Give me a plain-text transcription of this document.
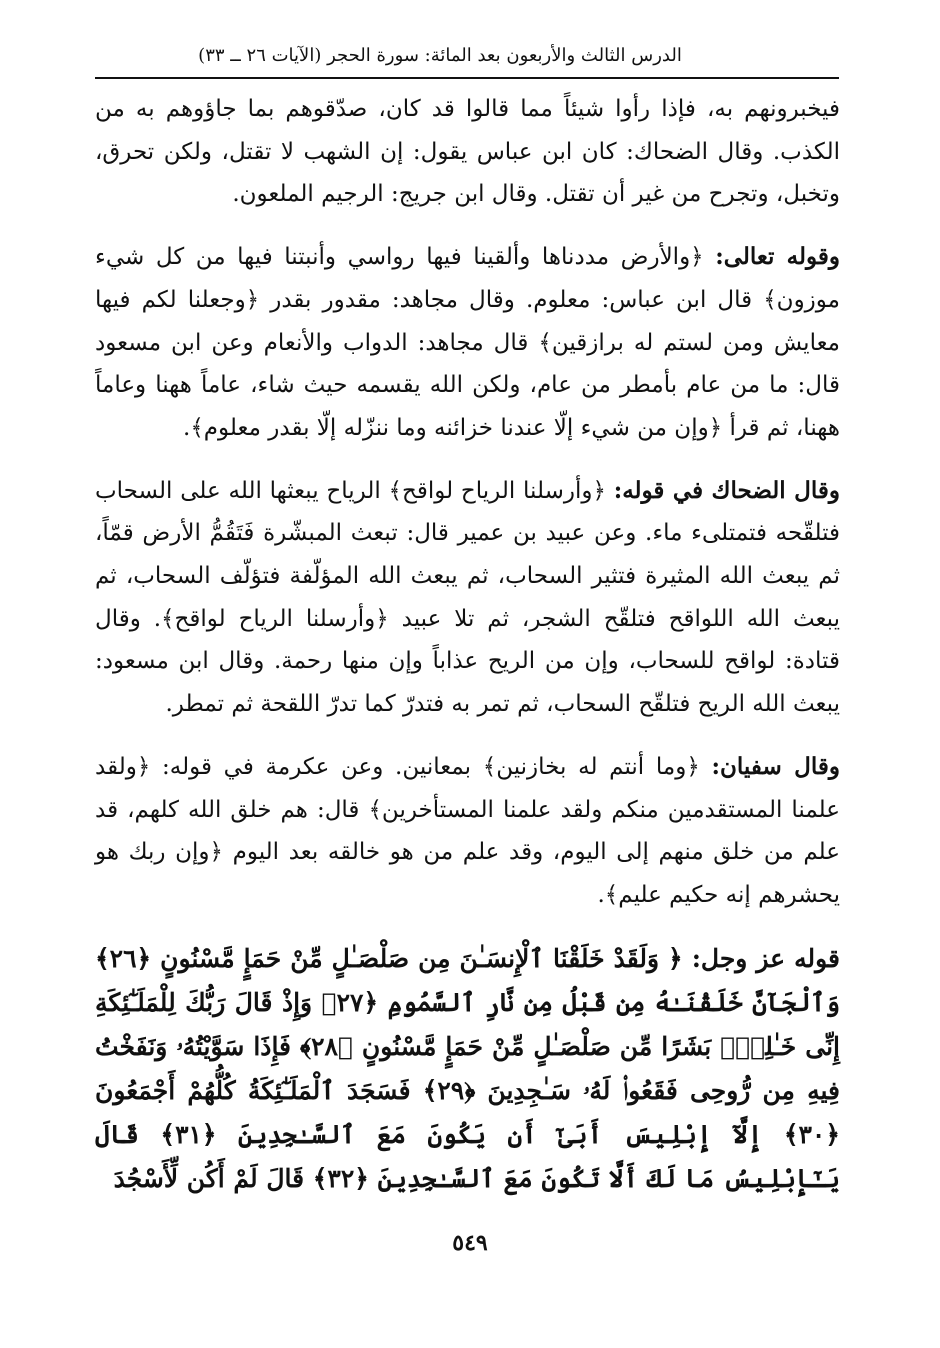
الدرس الثالث والأربعون بعد المائة: سورة الحجر (الآيات ٢٦ ــ ٣٣)

فيخبرونهم به، فإذا رأوا شيئاً مما قالوا قد كان، صدّقوهم بما جاؤوهم به من الكذب. وقال الضحاك: كان ابن عباس يقول: إن الشهب لا تقتل، ولكن تحرق، وتخبل، وتجرح من غير أن تقتل. وقال ابن جريج: الرجيم الملعون.

وقوله تعالى: ﴿والأرض مددناها وألقينا فيها رواسي وأنبتنا فيها من كل شيء موزون﴾ قال ابن عباس: معلوم. وقال مجاهد: مقدور بقدر ﴿وجعلنا لكم فيها معايش ومن لستم له برازقين﴾ قال مجاهد: الدواب والأنعام وعن ابن مسعود قال: ما من عام بأمطر من عام، ولكن الله يقسمه حيث شاء، عاماً ههنا وعاماً ههنا، ثم قرأ ﴿وإن من شيء إلّا عندنا خزائنه وما ننزّله إلّا بقدر معلوم﴾.

وقال الضحاك في قوله: ﴿وأرسلنا الرياح لواقح﴾ الرياح يبعثها الله على السحاب فتلقّحه فتمتلىء ماء. وعن عبيد بن عمير قال: تبعث المبشّرة فَتَقُمُّ الأرض قمّاً، ثم يبعث الله المثيرة فتثير السحاب، ثم يبعث الله المؤلّفة فتؤلّف السحاب، ثم يبعث الله اللواقح فتلقّح الشجر، ثم تلا عبيد ﴿وأرسلنا الرياح لواقح﴾. وقال قتادة: لواقح للسحاب، وإن من الريح عذاباً وإن منها رحمة. وقال ابن مسعود: يبعث الله الريح فتلقّح السحاب، ثم تمر به فتدرّ كما تدرّ اللقحة ثم تمطر.

وقال سفيان: ﴿وما أنتم له بخازنين﴾ بمعانين. وعن عكرمة في قوله: ﴿ولقد علمنا المستقدمين منكم ولقد علمنا المستأخرين﴾ قال: هم خلق الله كلهم، قد علم من خلق منهم إلى اليوم، وقد علم من هو خالقه بعد اليوم ﴿وإن ربك هو يحشرهم إنه حكيم عليم﴾.

قوله عز وجل: ﴿ وَلَقَدْ خَلَقْنَا ٱلْإِنسَـٰنَ مِن صَلْصَـٰلٍ مِّنْ حَمَإٍ مَّسْنُونٍ ﴿٢٦﴾ وَٱلْجَآنَّ خَلَقْنَـٰهُ مِن قَبْلُ مِن نَّارِ ٱلسَّمُومِ ﴿٢٧﴾ وَإِذْ قَالَ رَبُّكَ لِلْمَلَـٰٓئِكَةِ إِنِّى خَـٰلِقٌۢ بَشَرًا مِّن صَلْصَـٰلٍ مِّنْ حَمَإٍ مَّسْنُونٍ ﴿٢٨﴾ فَإِذَا سَوَّيْتُهُۥ وَنَفَخْتُ فِيهِ مِن رُّوحِى فَقَعُوا۟ لَهُۥ سَـٰجِدِينَ ﴿٢٩﴾ فَسَجَدَ ٱلْمَلَـٰٓئِكَةُ كُلُّهُمْ أَجْمَعُونَ ﴿٣٠﴾ إِلَّآ إِبْلِيسَ أَبَىٰٓ أَن يَكُونَ مَعَ ٱلسَّـٰجِدِينَ ﴿٣١﴾ قَالَ يَـٰٓإِبْلِيسُ مَا لَكَ أَلَّا تَكُونَ مَعَ ٱلسَّـٰجِدِينَ ﴿٣٢﴾ قَالَ لَمْ أَكُن لِّأَسْجُدَ

٥٤٩
